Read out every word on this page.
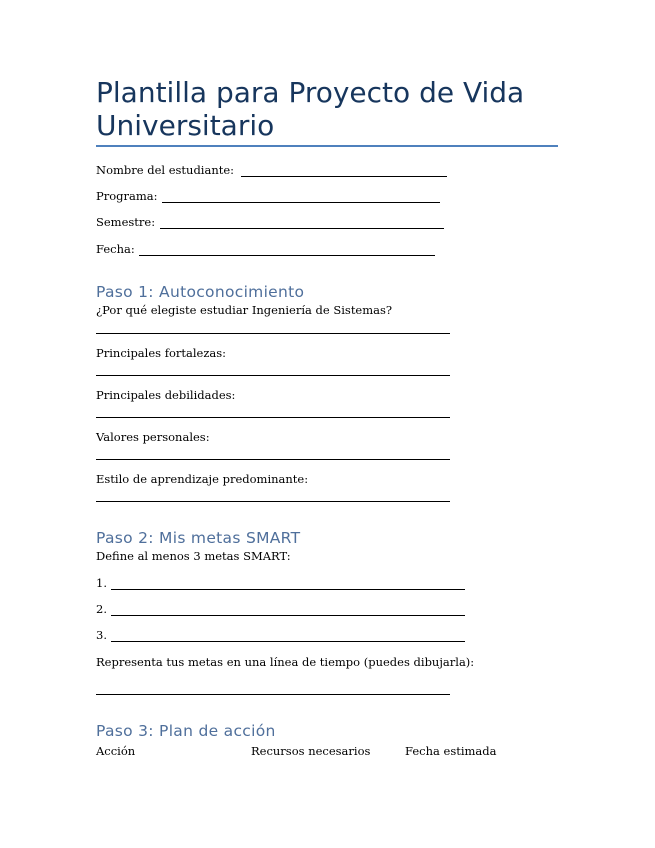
Plantilla para Proyecto de Vida Universitario
Nombre del estudiante:
Programa:
Semestre:
Fecha:
Paso 1: Autoconocimiento
¿Por qué elegiste estudiar Ingeniería de Sistemas?
Principales fortalezas:
Principales debilidades:
Valores personales:
Estilo de aprendizaje predominante:
Paso 2: Mis metas SMART
Define al menos 3 metas SMART:
1.
2.
3.
Representa tus metas en una línea de tiempo (puedes dibujarla):
Paso 3: Plan de acción
Acción	Recursos necesarios	Fecha estimada
